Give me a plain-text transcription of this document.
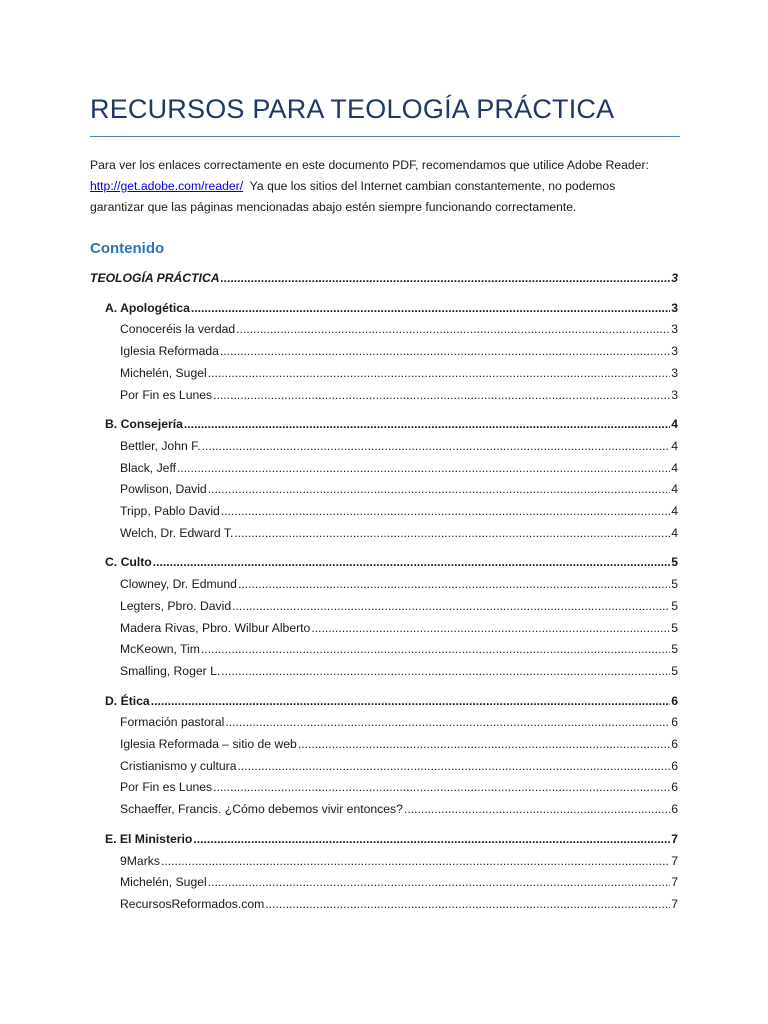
RECURSOS PARA TEOLOGÍA PRÁCTICA
Para ver los enlaces correctamente en este documento PDF, recomendamos que utilice Adobe Reader:
http://get.adobe.com/reader/  Ya que los sitios del Internet cambian constantemente, no podemos
garantizar que las páginas mencionadas abajo estén siempre funcionando correctamente.
Contenido
TEOLOGÍA PRÁCTICA .....	3
A. Apologética .....	3
Conoceréis la verdad .....	3
Iglesia Reformada .....	3
Michelén, Sugel .....	3
Por Fin es Lunes .....	3
B. Consejería .....	4
Bettler, John F. .....	4
Black, Jeff .....	4
Powlison, David .....	4
Tripp, Pablo David .....	4
Welch, Dr. Edward T. .....	4
C. Culto .....	5
Clowney, Dr. Edmund .....	5
Legters, Pbro. David .....	5
Madera Rivas, Pbro. Wilbur Alberto .....	5
McKeown, Tim .....	5
Smalling, Roger L. .....	5
D. Ética .....	6
Formación pastoral .....	6
Iglesia Reformada – sitio de web .....	6
Cristianismo y cultura .....	6
Por Fin es Lunes .....	6
Schaeffer, Francis. ¿Cómo debemos vivir entonces? .....	6
E. El Ministerio .....	7
9Marks .....	7
Michelén, Sugel .....	7
RecursosReformados.com .....	7
